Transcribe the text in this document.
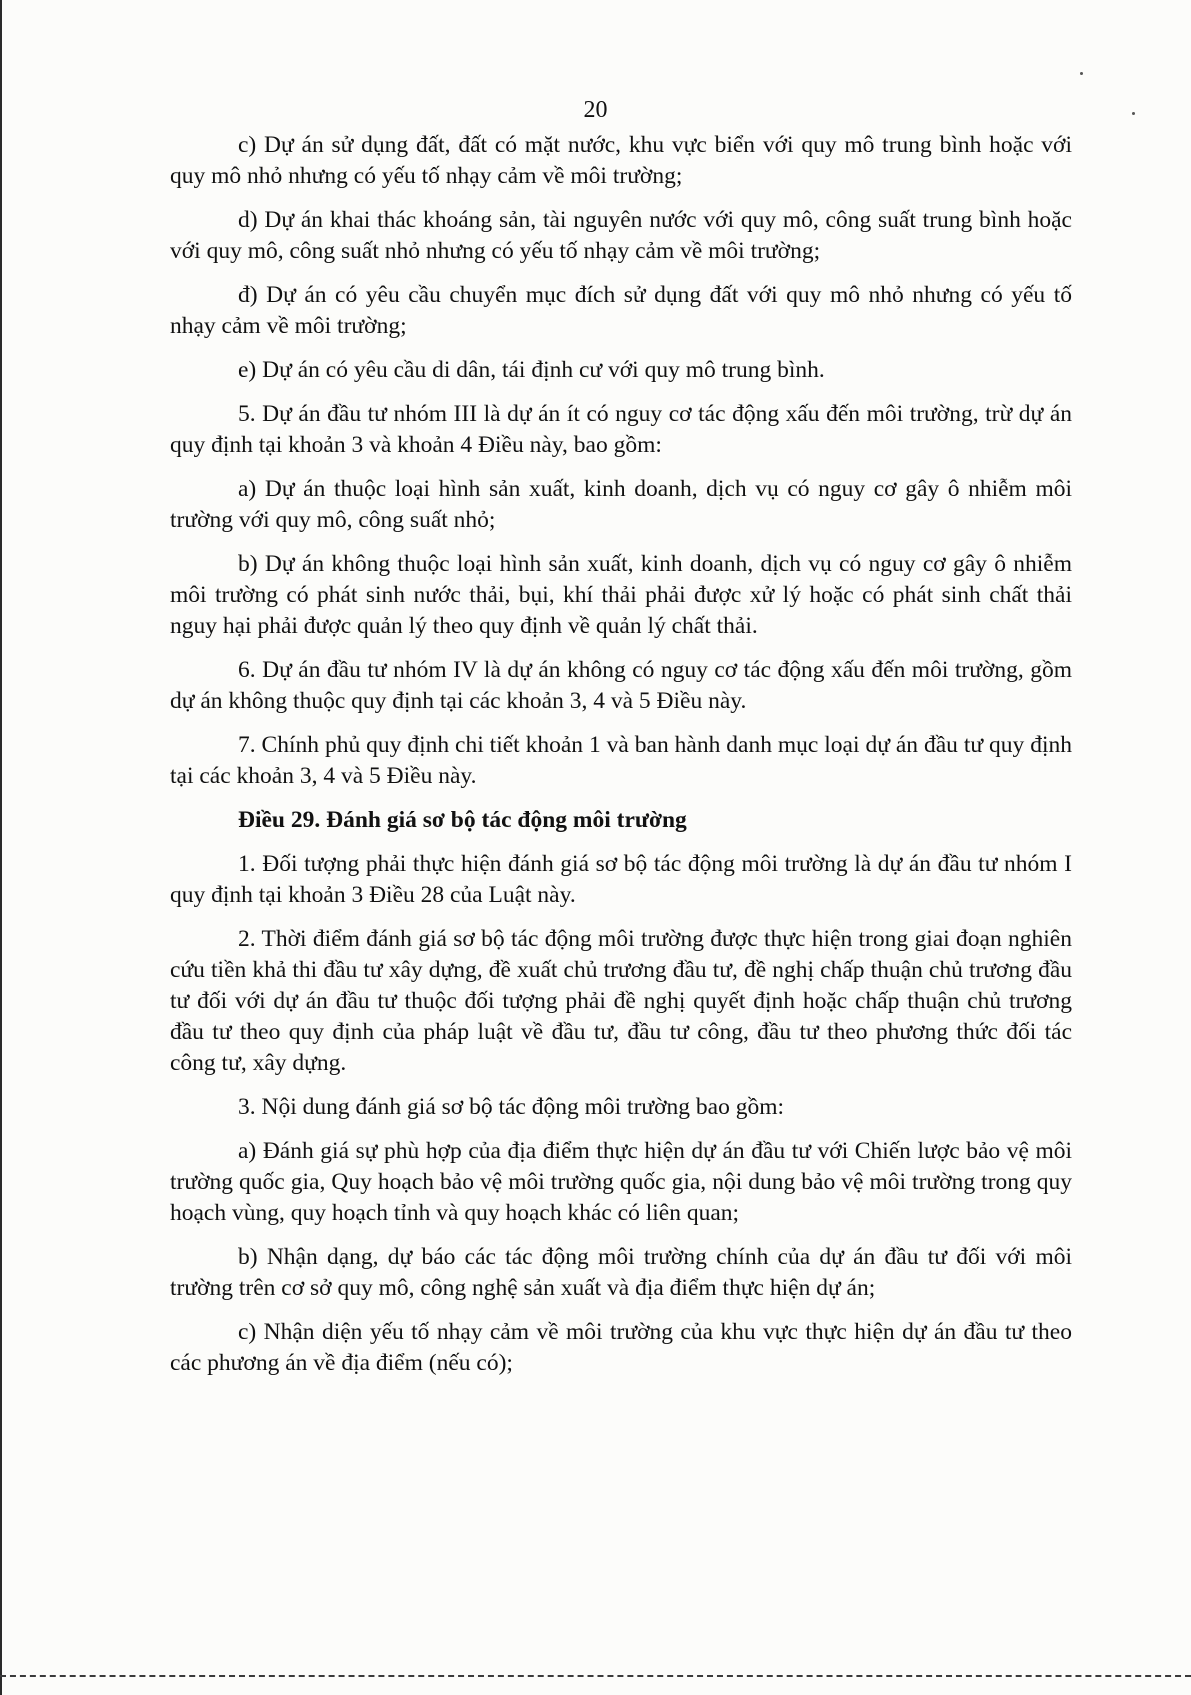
20

c) Dự án sử dụng đất, đất có mặt nước, khu vực biển với quy mô trung bình hoặc với quy mô nhỏ nhưng có yếu tố nhạy cảm về môi trường;

d) Dự án khai thác khoáng sản, tài nguyên nước với quy mô, công suất trung bình hoặc với quy mô, công suất nhỏ nhưng có yếu tố nhạy cảm về môi trường;

đ) Dự án có yêu cầu chuyển mục đích sử dụng đất với quy mô nhỏ nhưng có yếu tố nhạy cảm về môi trường;

e) Dự án có yêu cầu di dân, tái định cư với quy mô trung bình.

5. Dự án đầu tư nhóm III là dự án ít có nguy cơ tác động xấu đến môi trường, trừ dự án quy định tại khoản 3 và khoản 4 Điều này, bao gồm:

a) Dự án thuộc loại hình sản xuất, kinh doanh, dịch vụ có nguy cơ gây ô nhiễm môi trường với quy mô, công suất nhỏ;

b) Dự án không thuộc loại hình sản xuất, kinh doanh, dịch vụ có nguy cơ gây ô nhiễm môi trường có phát sinh nước thải, bụi, khí thải phải được xử lý hoặc có phát sinh chất thải nguy hại phải được quản lý theo quy định về quản lý chất thải.

6. Dự án đầu tư nhóm IV là dự án không có nguy cơ tác động xấu đến môi trường, gồm dự án không thuộc quy định tại các khoản 3, 4 và 5 Điều này.

7. Chính phủ quy định chi tiết khoản 1 và ban hành danh mục loại dự án đầu tư quy định tại các khoản 3, 4 và 5 Điều này.

Điều 29. Đánh giá sơ bộ tác động môi trường

1. Đối tượng phải thực hiện đánh giá sơ bộ tác động môi trường là dự án đầu tư nhóm I quy định tại khoản 3 Điều 28 của Luật này.

2. Thời điểm đánh giá sơ bộ tác động môi trường được thực hiện trong giai đoạn nghiên cứu tiền khả thi đầu tư xây dựng, đề xuất chủ trương đầu tư, đề nghị chấp thuận chủ trương đầu tư đối với dự án đầu tư thuộc đối tượng phải đề nghị quyết định hoặc chấp thuận chủ trương đầu tư theo quy định của pháp luật về đầu tư, đầu tư công, đầu tư theo phương thức đối tác công tư, xây dựng.

3. Nội dung đánh giá sơ bộ tác động môi trường bao gồm:

a) Đánh giá sự phù hợp của địa điểm thực hiện dự án đầu tư với Chiến lược bảo vệ môi trường quốc gia, Quy hoạch bảo vệ môi trường quốc gia, nội dung bảo vệ môi trường trong quy hoạch vùng, quy hoạch tỉnh và quy hoạch khác có liên quan;

b) Nhận dạng, dự báo các tác động môi trường chính của dự án đầu tư đối với môi trường trên cơ sở quy mô, công nghệ sản xuất và địa điểm thực hiện dự án;

c) Nhận diện yếu tố nhạy cảm về môi trường của khu vực thực hiện dự án đầu tư theo các phương án về địa điểm (nếu có);
